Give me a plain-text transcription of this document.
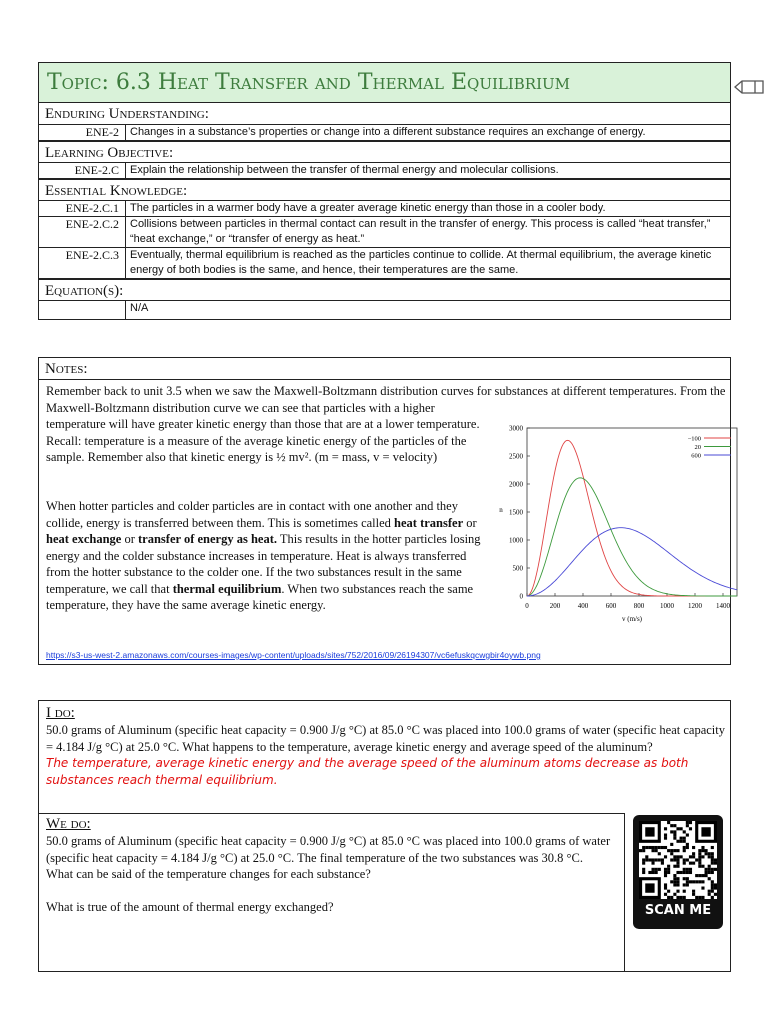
Topic: 6.3 Heat Transfer and Thermal Equilibrium
Enduring Understanding:
ENE-2	Changes in a substance’s properties or change into a different substance requires an exchange of energy.
Learning Objective:
ENE-2.C	Explain the relationship between the transfer of thermal energy and molecular collisions.
Essential Knowledge:
ENE-2.C.1	The particles in a warmer body have a greater average kinetic energy than those in a cooler body.
ENE-2.C.2	Collisions between particles in thermal contact can result in the transfer of energy. This process is called “heat transfer,” “heat exchange,” or “transfer of energy as heat.”
ENE-2.C.3	Eventually, thermal equilibrium is reached as the particles continue to collide. At thermal equilibrium, the average kinetic energy of both bodies is the same, and hence, their temperatures are the same.
Equation(s):
N/A
Notes:

Remember back to unit 3.5 when we saw the Maxwell-Boltzmann distribution curves for substances at different temperatures. From the Maxwell-Boltzmann distribution curve we can see that particles with a higher

temperature will have greater kinetic energy than those that are at a lower temperature. Recall: temperature is a measure of the average kinetic energy of the particles of the sample. Remember also that kinetic energy is ½ mv². (m = mass, v = velocity)

When hotter particles and colder particles are in contact with one another and they collide, energy is transferred between them. This is sometimes called heat transfer or heat exchange or transfer of energy as heat. This results in the hotter particles losing energy and the colder substance increases in temperature. Heat is always transferred from the hotter substance to the colder one. If the two substances result in the same temperature, we call that thermal equilibrium. When two substances reach the same temperature, they have the same average kinetic energy.	0	200	400	600	800 1000 1200 1400
0
500
1000
1500
2000
2500
3000
v (m/s)
n
−100
20
600
https://s3-us-west-2.amazonaws.com/courses-images/wp-content/uploads/sites/752/2016/09/26194307/vc6efuskqcwgbir4oywb.png
I do:
50.0 grams of Aluminum (specific heat capacity = 0.900 J/g °C) at 85.0 °C was placed into 100.0 grams of water (specific heat capacity = 4.184 J/g °C) at 25.0 °C. What happens to the temperature, average kinetic energy and average speed of the aluminum?
The temperature, average kinetic energy and the average speed of the aluminum atoms decrease as both substances reach thermal equilibrium.
We do:
50.0 grams of Aluminum (specific heat capacity = 0.900 J/g °C) at 85.0 °C was placed into 100.0 grams of water (specific heat capacity = 4.184 J/g °C) at 25.0 °C. The final temperature of the two substances was 30.8 °C.
What can be said of the temperature changes for each substance?
What is true of the amount of thermal energy exchanged?	SCAN ME
